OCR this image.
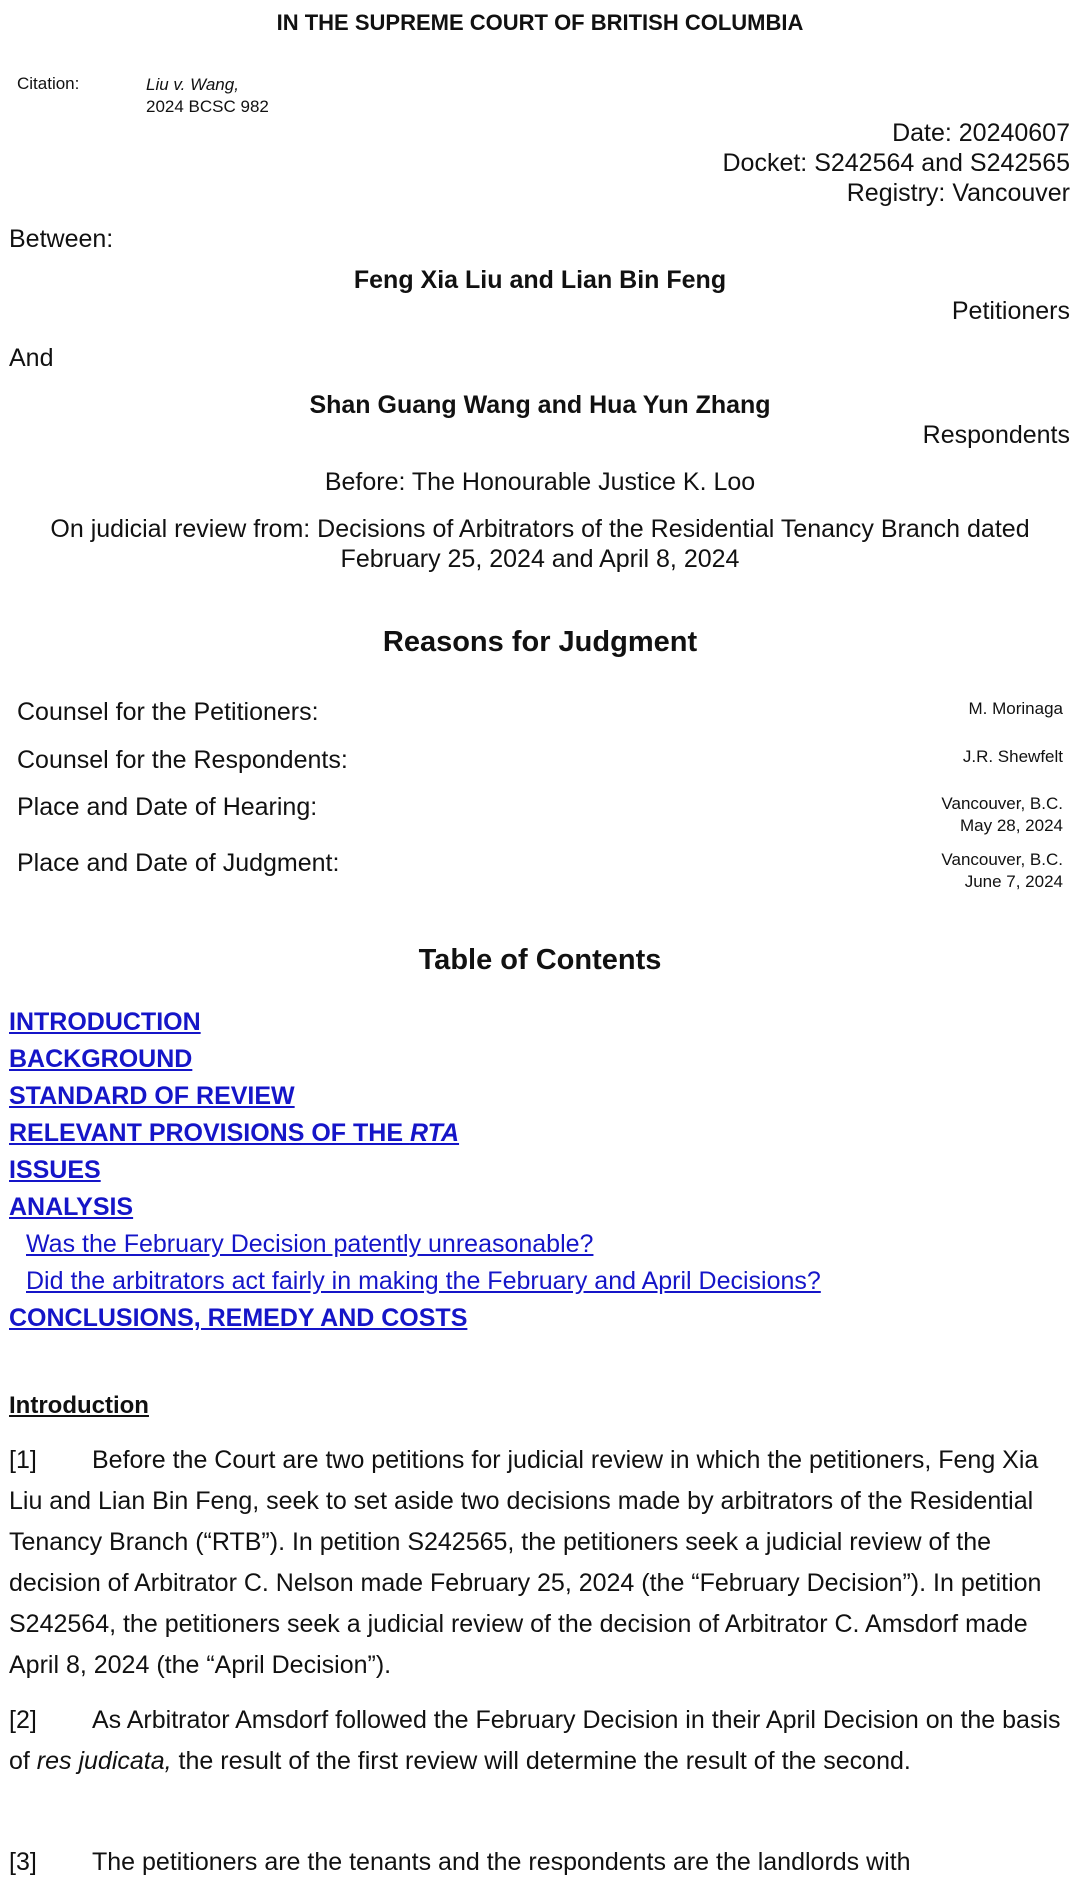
IN THE SUPREME COURT OF BRITISH COLUMBIA
Citation:	Liu v. Wang,
2024 BCSC 982
Date: 20240607
Docket: S242564 and S242565
Registry: Vancouver
Between:
Feng Xia Liu and Lian Bin Feng
Petitioners
And
Shan Guang Wang and Hua Yun Zhang
Respondents
Before: The Honourable Justice K. Loo
On judicial review from: Decisions of Arbitrators of the Residential Tenancy Branch dated
February 25, 2024 and April 8, 2024
Reasons for Judgment
Counsel for the Petitioners:	M. Morinaga
Counsel for the Respondents:	J.R. Shewfelt
Place and Date of Hearing:	Vancouver, B.C.
May 28, 2024
Place and Date of Judgment:	Vancouver, B.C.
June 7, 2024
Table of Contents
INTRODUCTION
BACKGROUND
STANDARD OF REVIEW
RELEVANT PROVISIONS OF THE RTA
ISSUES
ANALYSIS
Was the February Decision patently unreasonable?
Did the arbitrators act fairly in making the February and April Decisions?
CONCLUSIONS, REMEDY AND COSTS
Introduction
[1] Before the Court are two petitions for judicial review in which the petitioners, Feng Xia Liu and Lian Bin Feng, seek to set aside two decisions made by arbitrators of the Residential Tenancy Branch (“RTB”). In petition S242565, the petitioners seek a judicial review of the decision of Arbitrator C. Nelson made February 25, 2024 (the “February Decision”). In petition S242564, the petitioners seek a judicial review of the decision of Arbitrator C. Amsdorf made April 8, 2024 (the “April Decision”).
[2] As Arbitrator Amsdorf followed the February Decision in their April Decision on the basis of res judicata, the result of the first review will determine the result of the second.
[3] The petitioners are the tenants and the respondents are the landlords with
